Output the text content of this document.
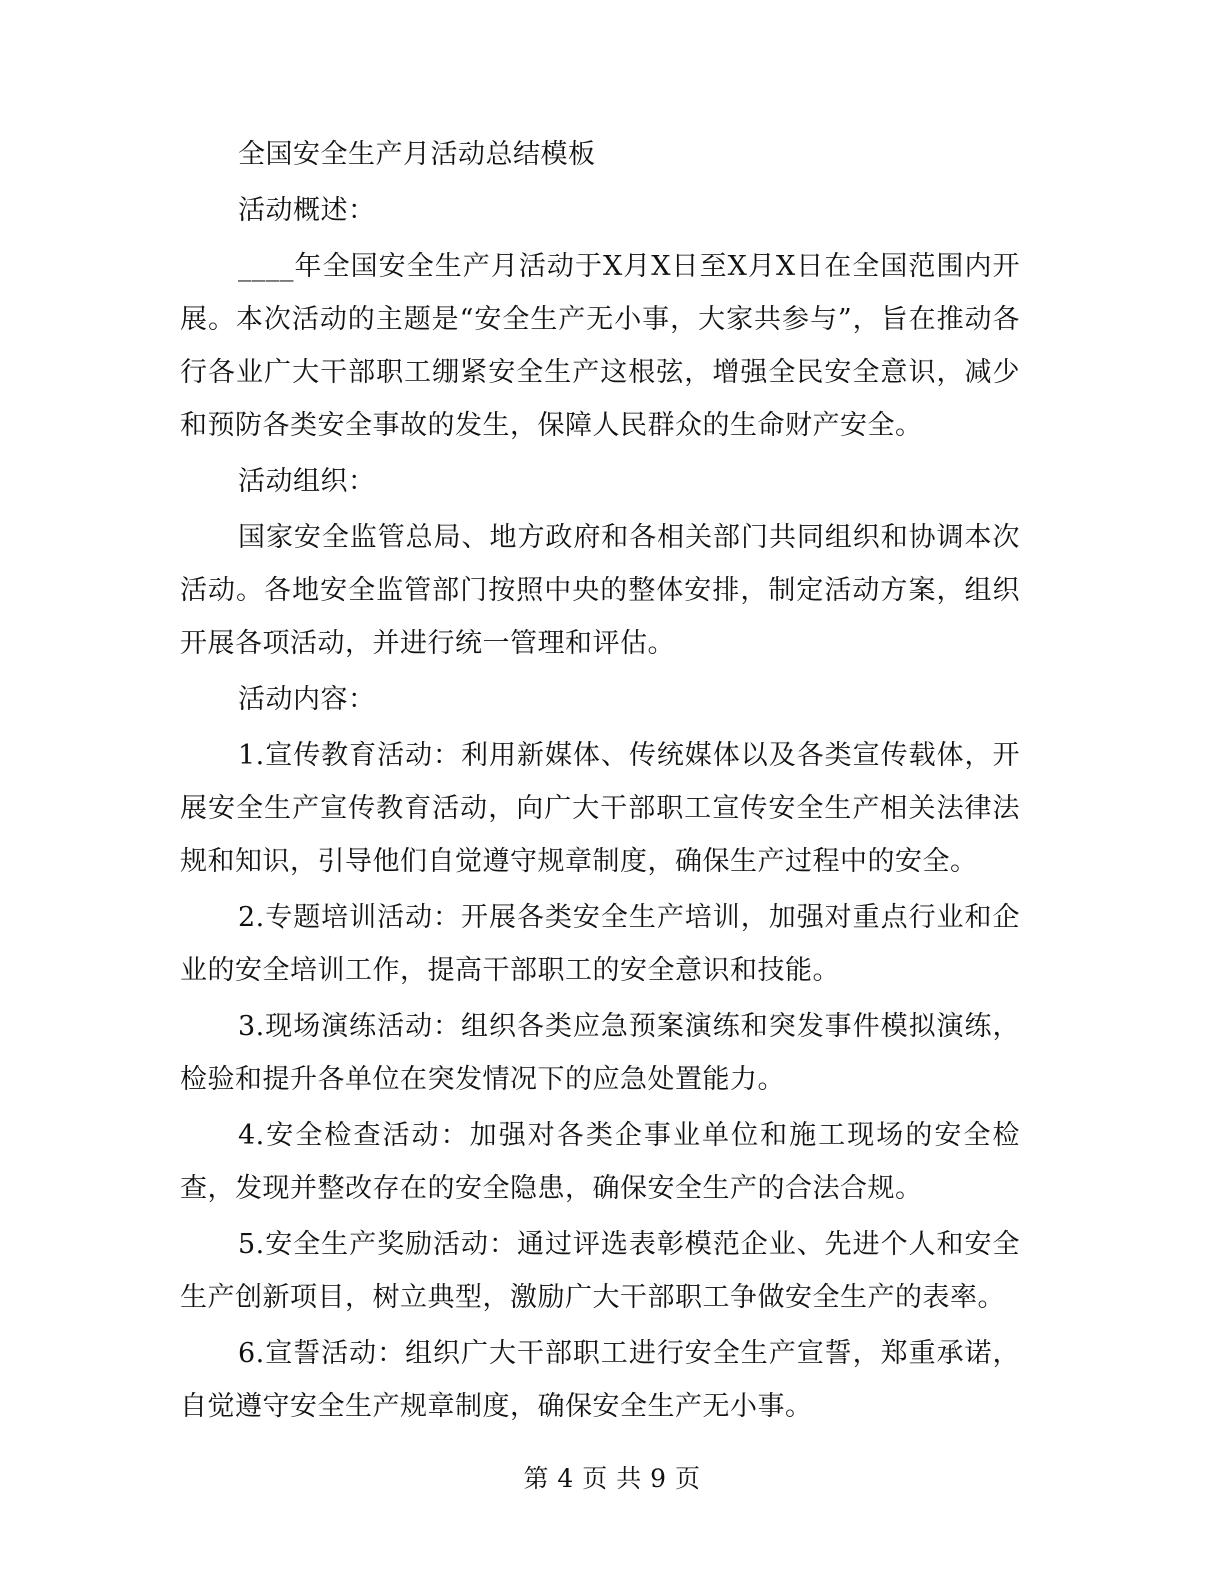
全国安全生产月活动总结模板

活动概述：

____年全国安全生产月活动于X月X日至X月X日在全国范围内开展。本次活动的主题是“安全生产无小事，大家共参与”，旨在推动各行各业广大干部职工绷紧安全生产这根弦，增强全民安全意识，减少和预防各类安全事故的发生，保障人民群众的生命财产安全。

活动组织：

国家安全监管总局、地方政府和各相关部门共同组织和协调本次活动。各地安全监管部门按照中央的整体安排，制定活动方案，组织开展各项活动，并进行统一管理和评估。

活动内容：

1.宣传教育活动：利用新媒体、传统媒体以及各类宣传载体，开展安全生产宣传教育活动，向广大干部职工宣传安全生产相关法律法规和知识，引导他们自觉遵守规章制度，确保生产过程中的安全。

2.专题培训活动：开展各类安全生产培训，加强对重点行业和企业的安全培训工作，提高干部职工的安全意识和技能。

3.现场演练活动：组织各类应急预案演练和突发事件模拟演练，检验和提升各单位在突发情况下的应急处置能力。

4.安全检查活动：加强对各类企事业单位和施工现场的安全检查，发现并整改存在的安全隐患，确保安全生产的合法合规。

5.安全生产奖励活动：通过评选表彰模范企业、先进个人和安全生产创新项目，树立典型，激励广大干部职工争做安全生产的表率。

6.宣誓活动：组织广大干部职工进行安全生产宣誓，郑重承诺，自觉遵守安全生产规章制度，确保安全生产无小事。

第 4 页 共 9 页
